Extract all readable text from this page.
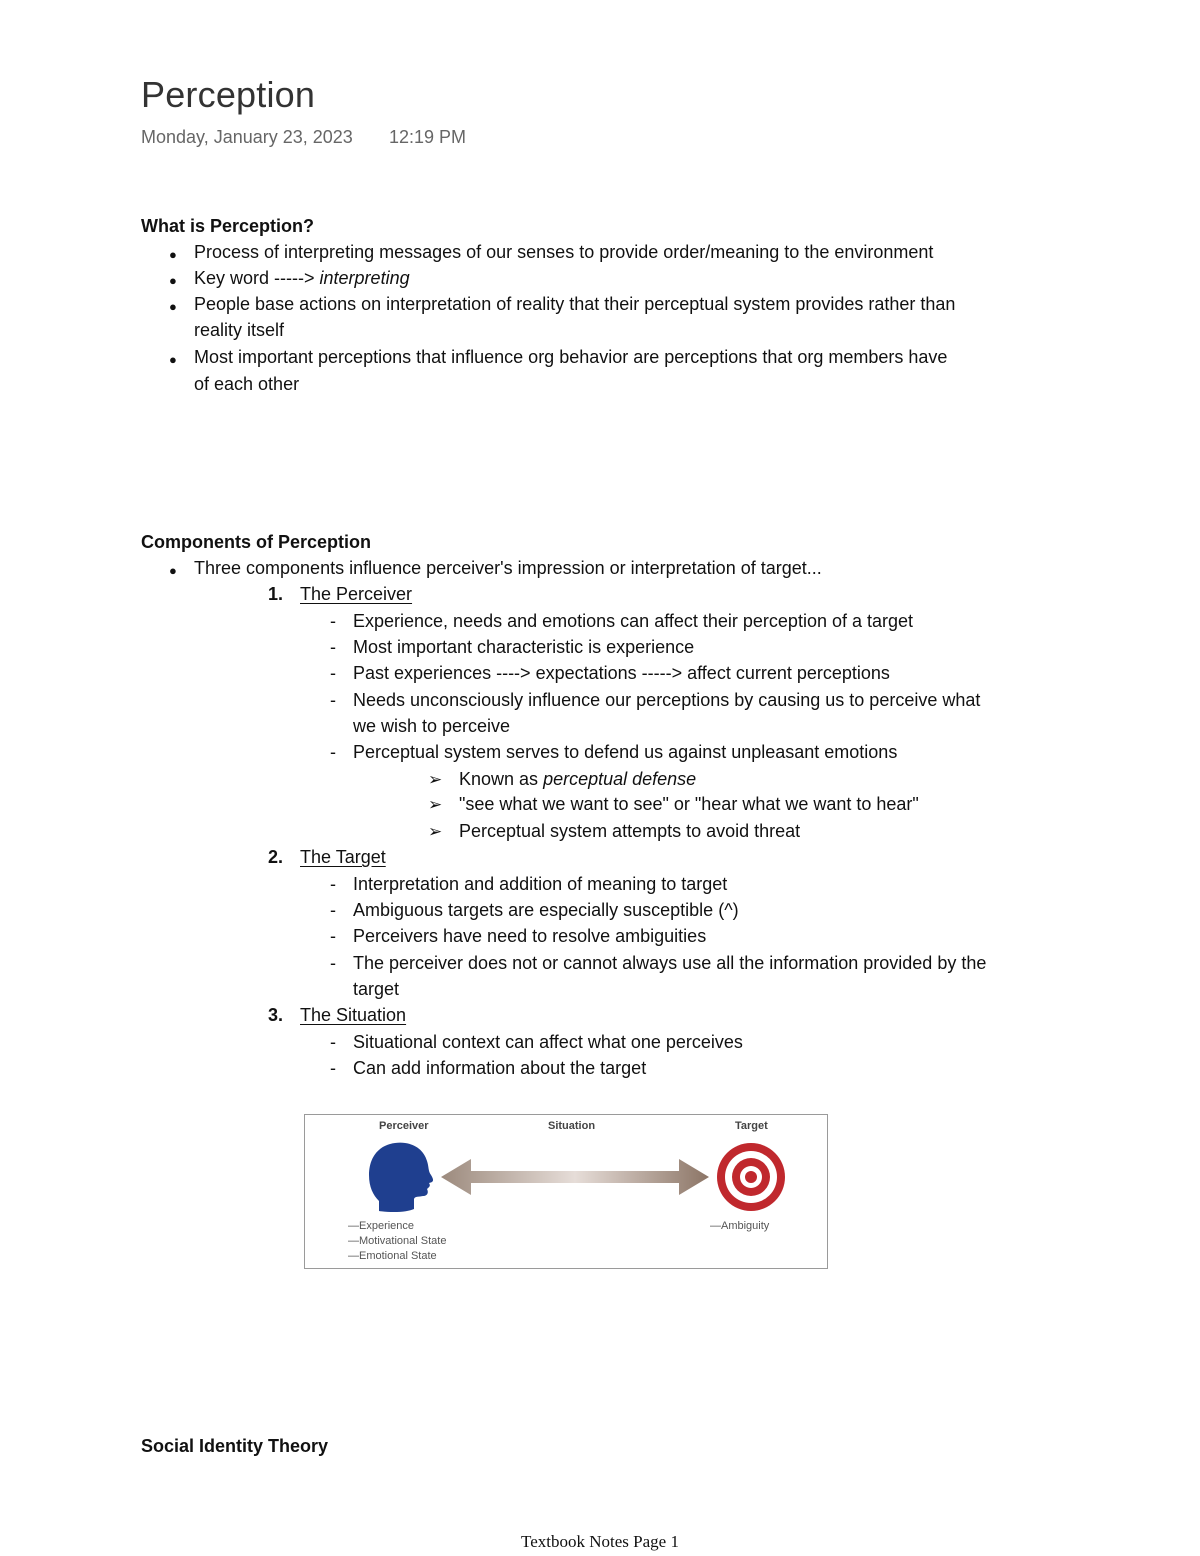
Perception
Monday, January 23, 2023 12:19 PM
What is Perception?
● Process of interpreting messages of our senses to provide order/meaning to the environment
● Key word -----> interpreting
● People base actions on interpretation of reality that their perceptual system provides rather than
reality itself
● Most important perceptions that influence org behavior are perceptions that org members have
of each other
Components of Perception
● Three components influence perceiver's impression or interpretation of target...
1. The Perceiver
- Experience, needs and emotions can affect their perception of a target
- Most important characteristic is experience
- Past experiences ----> expectations -----> affect current perceptions
- Needs unconsciously influence our perceptions by causing us to perceive what
we wish to perceive
- Perceptual system serves to defend us against unpleasant emotions
➢ Known as perceptual defense
➢ "see what we want to see" or "hear what we want to hear"
➢ Perceptual system attempts to avoid threat
2. The Target
- Interpretation and addition of meaning to target
- Ambiguous targets are especially susceptible (^)
- Perceivers have need to resolve ambiguities
- The perceiver does not or cannot always use all the information provided by the
target
3. The Situation
- Situational context can affect what one perceives
- Can add information about the target
Perceiver	Situation	Target
—Experience
—Motivational State
—Emotional State
—Ambiguity
Social Identity Theory
Textbook Notes Page 1
